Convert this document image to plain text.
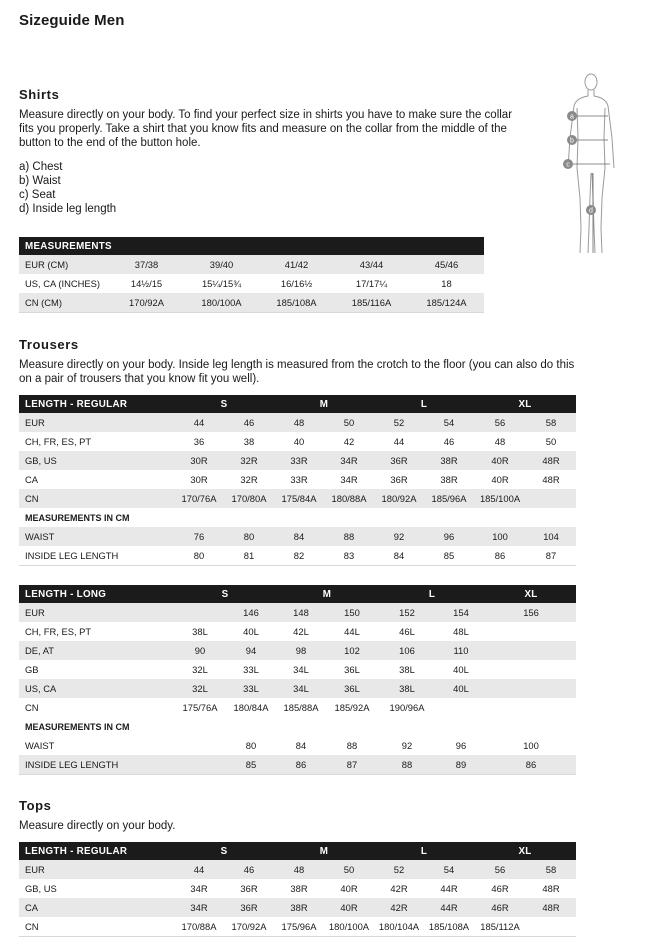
Sizeguide Men
Shirts
Measure directly on your body. To find your perfect size in shirts you have to make sure the collar
fits you properly. Take a shirt that you know fits and measure on the collar from the middle of the
button to the end of the button hole.
a) Chest
b) Waist
c) Seat
d) Inside leg length
a
b
c
d
MEASUREMENTS					
EUR (CM)	37/38	39/40	41/42	43/44	45/46
US, CA (INCHES)	14½/15	15¼/15¾	16/16½	17/17¼	18
CN (CM)	170/92A	180/100A	185/108A	185/116A	185/124A
Trousers
Measure directly on your body. Inside leg length is measured from the crotch to the floor (you can also do this
on a pair of trousers that you know fit you well).
LENGTH - REGULAR	S		M		L		XL	
EUR	44	46	48	50	52	54	56	58
CH, FR, ES, PT	36	38	40	42	44	46	48	50
GB, US	30R	32R	33R	34R	36R	38R	40R	48R
CA	30R	32R	33R	34R	36R	38R	40R	48R
CN	170/76A	170/80A	175/84A	180/88A	180/92A	185/96A	185/100A	
MEASUREMENTS IN CM								
WAIST	76	80	84	88	92	96	100	104
INSIDE LEG LENGTH	80	81	82	83	84	85	86	87
LENGTH - LONG	S		M		L		XL
EUR		146	148	150	152	154	156
CH, FR, ES, PT	38L	40L	42L	44L	46L	48L	
DE, AT	90	94	98	102	106	110	
GB	32L	33L	34L	36L	38L	40L	
US, CA	32L	33L	34L	36L	38L	40L	
CN	175/76A	180/84A	185/88A	185/92A	190/96A		
MEASUREMENTS IN CM							
WAIST		80	84	88	92	96	100
INSIDE LEG LENGTH		85	86	87	88	89	86
Tops
Measure directly on your body.
LENGTH - REGULAR	S		M		L		XL	
EUR	44	46	48	50	52	54	56	58
GB, US	34R	36R	38R	40R	42R	44R	46R	48R
CA	34R	36R	38R	40R	42R	44R	46R	48R
CN	170/88A	170/92A	175/96A	180/100A	180/104A	185/108A	185/112A	
